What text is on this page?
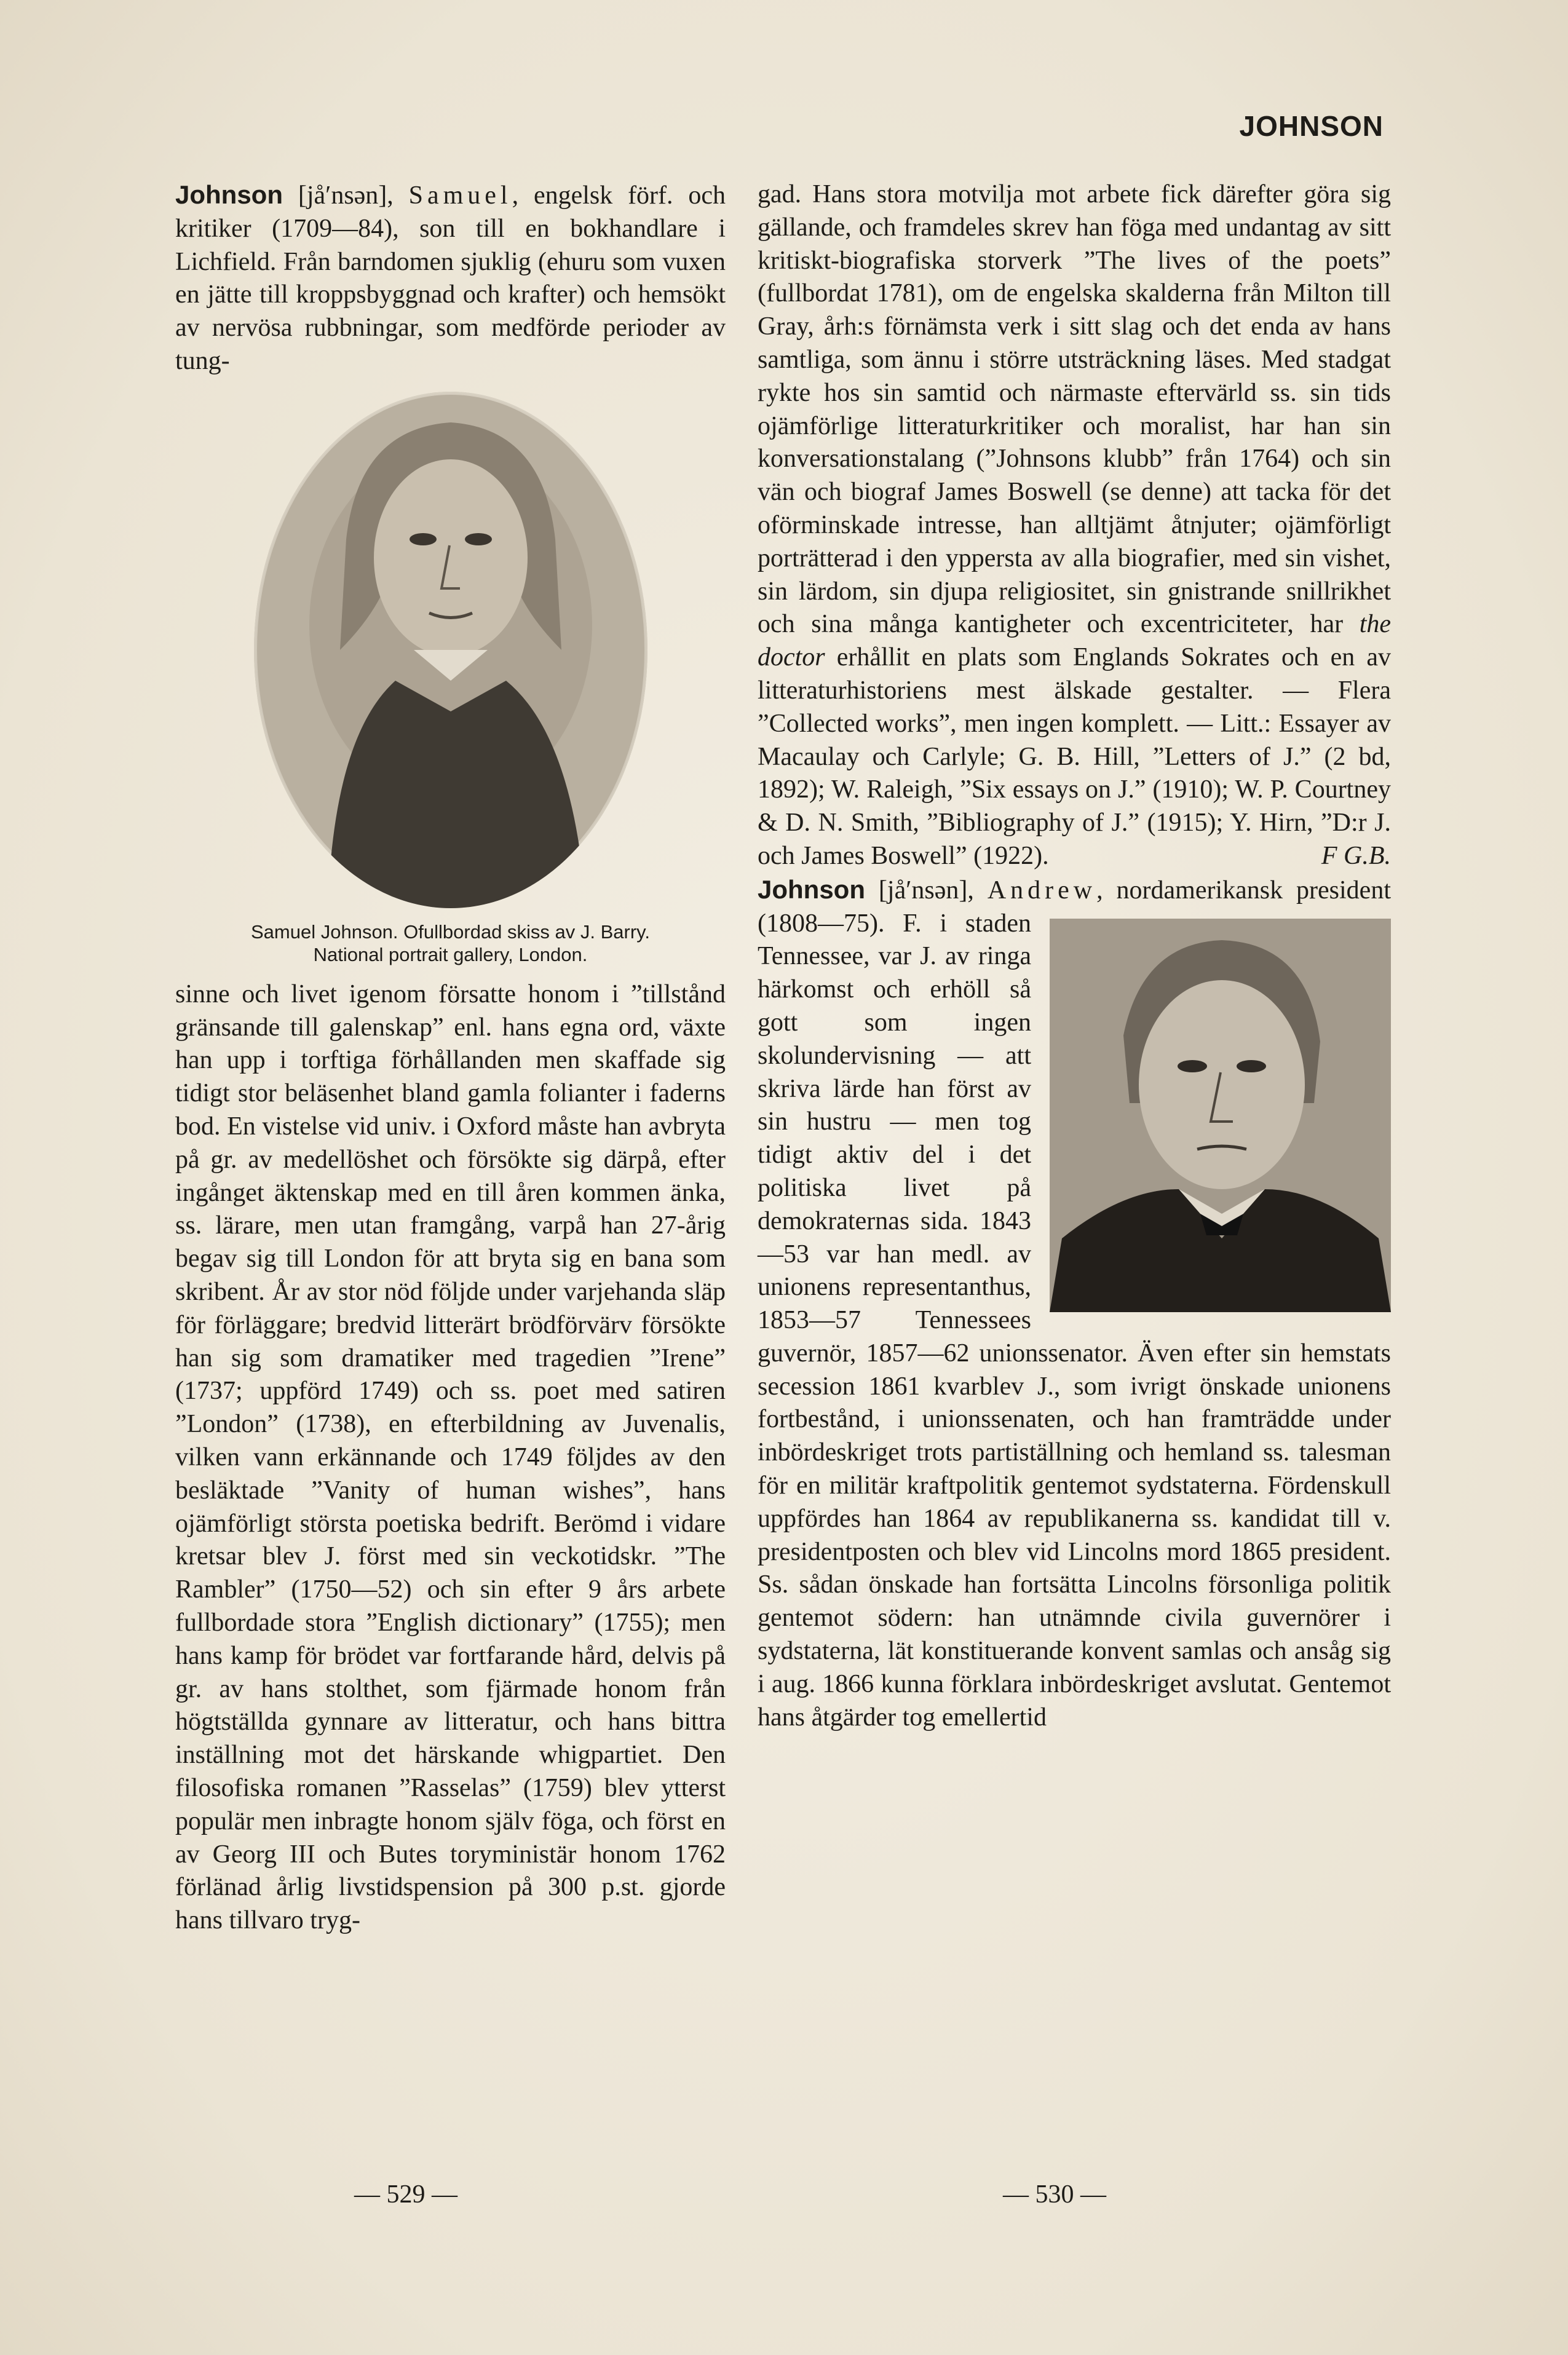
JOHNSON

Johnson [jå′nsən], Samuel, engelsk förf. och kritiker (1709—84), son till en bokhandlare i Lichfield. Från barndomen sjuklig (ehuru som vuxen en jätte till kroppsbyggnad och krafter) och hemsökt av nervösa rubbningar, som medförde perioder av tung-

Samuel Johnson. Ofullbordad skiss av J. Barry. National portrait gallery, London.

sinne och livet igenom försatte honom i ”tillstånd gränsande till galenskap” enl. hans egna ord, växte han upp i torftiga förhållanden men skaffade sig tidigt stor beläsenhet bland gamla folianter i faderns bod. En vistelse vid univ. i Oxford måste han avbryta på gr. av medellöshet och försökte sig därpå, efter ingånget äktenskap med en till åren kommen änka, ss. lärare, men utan framgång, varpå han 27-årig begav sig till London för att bryta sig en bana som skribent. År av stor nöd följde under varjehanda släp för förläggare; bredvid litterärt brödförvärv försökte han sig som dramatiker med tragedien ”Irene” (1737; uppförd 1749) och ss. poet med satiren ”London” (1738), en efterbildning av Juvenalis, vilken vann erkännande och 1749 följdes av den besläktade ”Vanity of human wishes”, hans ojämförligt största poetiska bedrift. Berömd i vidare kretsar blev J. först med sin veckotidskr. ”The Rambler” (1750—52) och sin efter 9 års arbete fullbordade stora ”English dictionary” (1755); men hans kamp för brödet var fortfarande hård, delvis på gr. av hans stolthet, som fjärmade honom från högtställda gynnare av litteratur, och hans bittra inställning mot det härskande whigpartiet. Den filosofiska romanen ”Rasselas” (1759) blev ytterst populär men inbragte honom själv föga, och först en av Georg III och Butes toryministär honom 1762 förlänad årlig livstidspension på 300 p.st. gjorde hans tillvaro tryg-

gad. Hans stora motvilja mot arbete fick därefter göra sig gällande, och framdeles skrev han föga med undantag av sitt kritiskt-biografiska storverk ”The lives of the poets” (fullbordat 1781), om de engelska skalderna från Milton till Gray, årh:s förnämsta verk i sitt slag och det enda av hans samtliga, som ännu i större utsträckning läses. Med stadgat rykte hos sin samtid och närmaste eftervärld ss. sin tids ojämförlige litteraturkritiker och moralist, har han sin konversationstalang (”Johnsons klubb” från 1764) och sin vän och biograf James Boswell (se denne) att tacka för det oförminskade intresse, han alltjämt åtnjuter; ojämförligt porträtterad i den yppersta av alla biografier, med sin vishet, sin lärdom, sin djupa religiositet, sin gnistrande snillrikhet och sina många kantigheter och excentriciteter, har the doctor erhållit en plats som Englands Sokrates och en av litteraturhistoriens mest älskade gestalter. — Flera ”Collected works”, men ingen komplett. — Litt.: Essayer av Macaulay och Carlyle; G. B. Hill, ”Letters of J.” (2 bd, 1892); W. Raleigh, ”Six essays on J.” (1910); W. P. Courtney & D. N. Smith, ”Bibliography of J.” (1915); Y. Hirn, ”D:r J. och James Boswell” (1922).	F G.B.

Johnson [jå′nsən], Andrew
, nordamerikansk president (1808—75). F. i staden Tennessee, var J. av ringa härkomst och erhöll så gott som ingen skolundervisning — att skriva lärde han först av sin hustru — men tog tidigt aktiv del i det politiska livet på demokraternas sida. 1843—53 var han medl. av unionens representanthus, 1853—57 Tennessees guvernör, 1857—62 unionssenator. Även efter sin hemstats secession 1861 kvarblev J., som ivrigt önskade unionens fortbestånd, i unionssenaten, och han framträdde under inbördeskriget trots partiställning och hemland ss. talesman för en militär kraftpolitik gentemot sydstaterna. Fördenskull uppfördes han 1864 av republikanerna ss. kandidat till v. presidentposten och blev vid Lincolns mord 1865 president. Ss. sådan önskade han fortsätta Lincolns försonliga politik gentemot södern: han utnämnde civila guvernörer i sydstaterna, lät konstituerande konvent samlas och ansåg sig i aug. 1866 kunna förklara inbördeskriget avslutat. Gentemot hans åtgärder tog emellertid

— 529 —	— 530 —
